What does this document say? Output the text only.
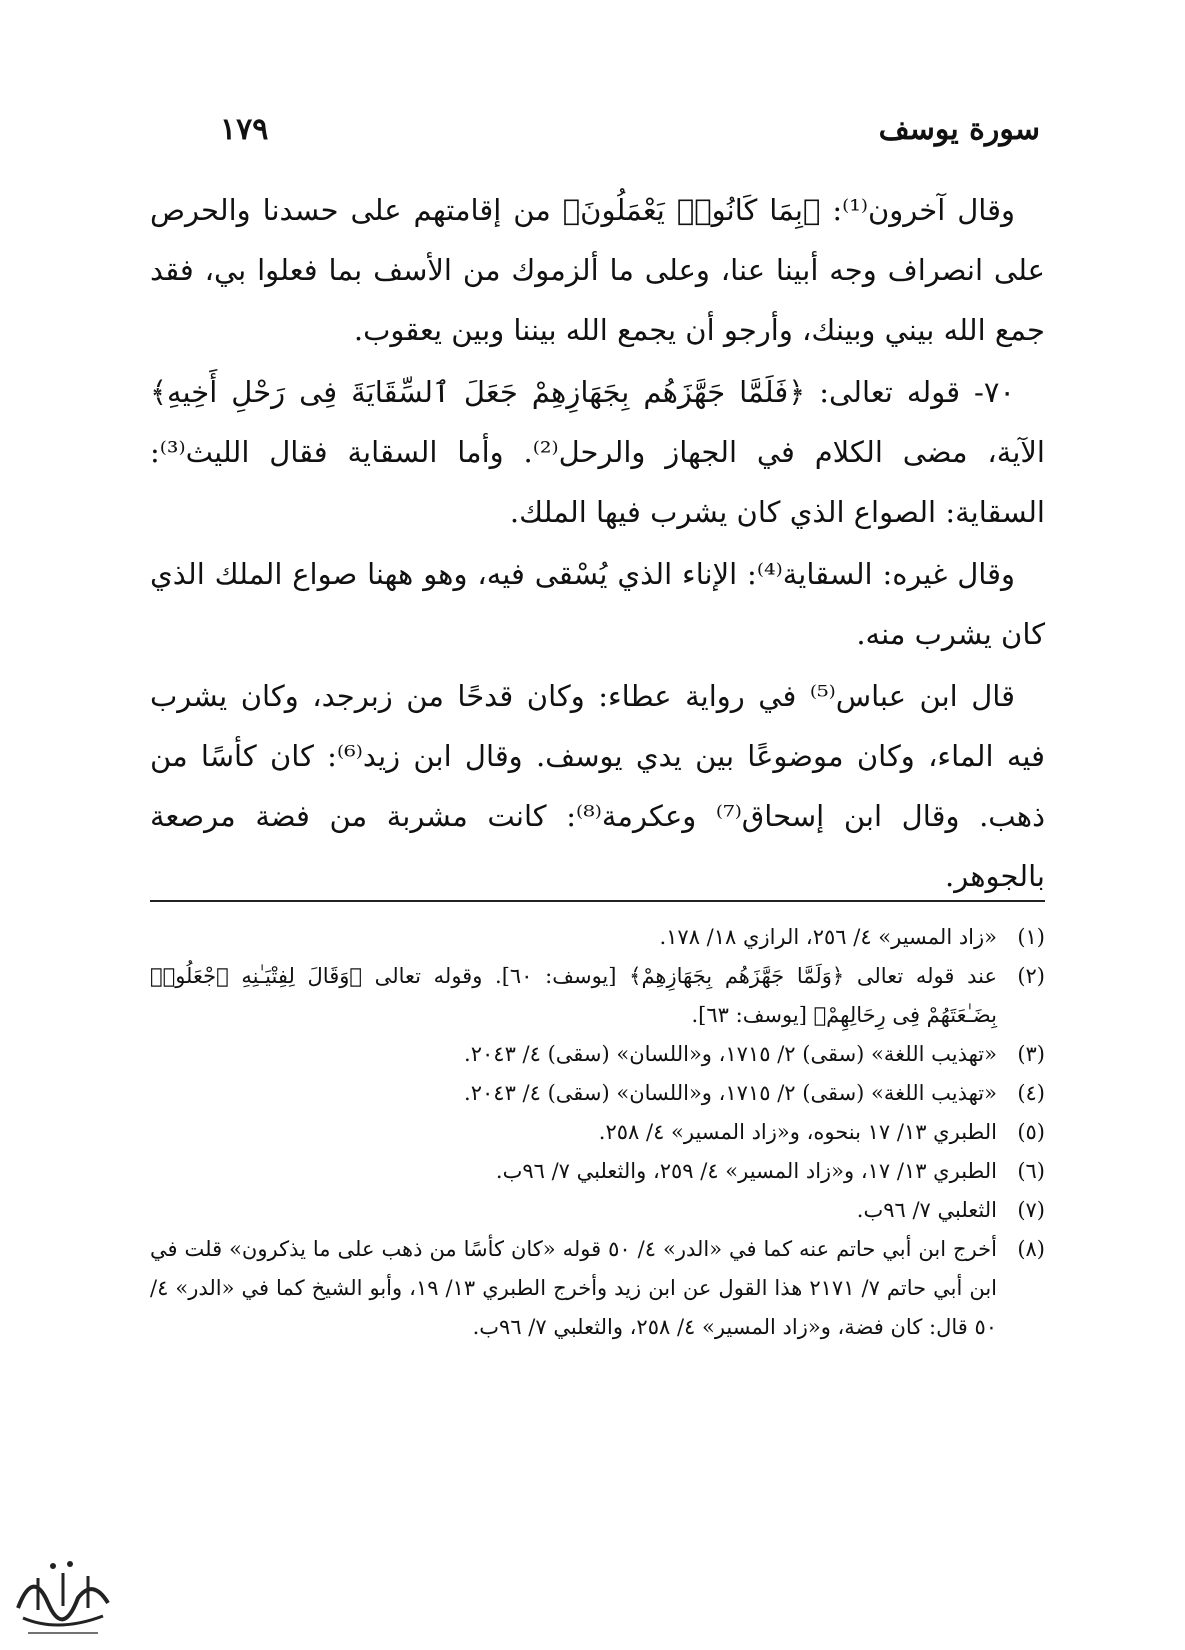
سورة يوسف
١٧٩

وقال آخرون⁽¹⁾: ﴿بِمَا كَانُوا۟ يَعْمَلُونَ﴾ من إقامتهم على حسدنا والحرص على انصراف وجه أبينا عنا، وعلى ما ألزموك من الأسف بما فعلوا بي، فقد جمع الله بيني وبينك، وأرجو أن يجمع الله بيننا وبين يعقوب.

٧٠- قوله تعالى: ﴿فَلَمَّا جَهَّزَهُم بِجَهَازِهِمْ جَعَلَ ٱلسِّقَايَةَ فِى رَحْلِ أَخِيهِ﴾ الآية، مضى الكلام في الجهاز والرحل⁽²⁾. وأما السقاية فقال الليث⁽³⁾: السقاية: الصواع الذي كان يشرب فيها الملك.

وقال غيره: السقاية⁽⁴⁾: الإناء الذي يُسْقى فيه، وهو ههنا صواع الملك الذي كان يشرب منه.

قال ابن عباس⁽⁵⁾ في رواية عطاء: وكان قدحًا من زبرجد، وكان يشرب فيه الماء، وكان موضوعًا بين يدي يوسف. وقال ابن زيد⁽⁶⁾: كان كأسًا من ذهب. وقال ابن إسحاق⁽⁷⁾ وعكرمة⁽⁸⁾: كانت مشربة من فضة مرصعة بالجوهر.

(١)
«زاد المسير» ٤/ ٢٥٦، الرازي ١٨/ ١٧٨.
(٢)
عند قوله تعالى ﴿وَلَمَّا جَهَّزَهُم بِجَهَازِهِمْ﴾ [يوسف: ٦٠]. وقوله تعالى ﴿وَقَالَ لِفِتْيَـٰنِهِ ٱجْعَلُوا۟ بِضَـٰعَتَهُمْ فِى رِحَالِهِمْ﴾ [يوسف: ٦٣].
(٣)
«تهذيب اللغة» (سقى) ٢/ ١٧١٥، و«اللسان» (سقى) ٤/ ٢٠٤٣.
(٤)
«تهذيب اللغة» (سقى) ٢/ ١٧١٥، و«اللسان» (سقى) ٤/ ٢٠٤٣.
(٥)
الطبري ١٣/ ١٧ بنحوه، و«زاد المسير» ٤/ ٢٥٨.
(٦)
الطبري ١٣/ ١٧، و«زاد المسير» ٤/ ٢٥٩، والثعلبي ٧/ ٩٦ب.
(٧)
الثعلبي ٧/ ٩٦ب.
(٨)
أخرج ابن أبي حاتم عنه كما في «الدر» ٤/ ٥٠ قوله «كان كأسًا من ذهب على ما يذكرون» قلت في ابن أبي حاتم ٧/ ٢١٧١ هذا القول عن ابن زيد وأخرج الطبري ١٣/ ١٩، وأبو الشيخ كما في «الدر» ٤/ ٥٠ قال: كان فضة، و«زاد المسير» ٤/ ٢٥٨، والثعلبي ٧/ ٩٦ب.
